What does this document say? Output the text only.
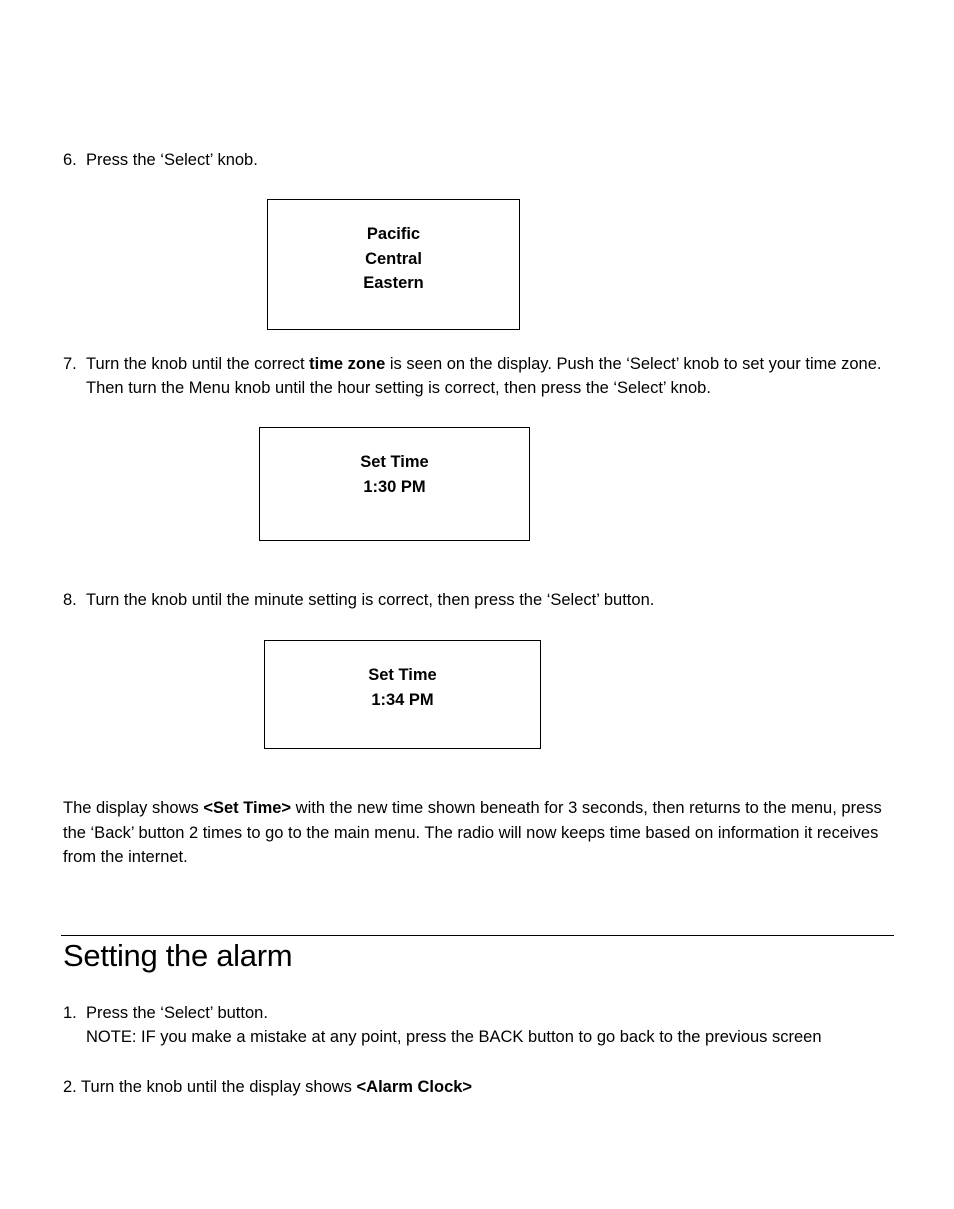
6. Press the ‘Select’ knob.
Pacific
Central
Eastern
7. Turn the knob until the correct time zone is seen on the display. Push the ‘Select’ knob to set your time zone. Then turn the Menu knob until the hour setting is correct, then press the ‘Select’ knob.
Set Time
1:30 PM
8. Turn the knob until the minute setting is correct, then press the ‘Select’ button.
Set Time
1:34 PM
The display shows <Set Time> with the new time shown beneath for 3 seconds, then returns to the menu, press the ‘Back’ button 2 times to go to the main menu. The radio will now keeps time based on information it receives from the internet.
Setting the alarm
1. Press the ‘Select’ button.
NOTE: IF you make a mistake at any point, press the BACK button to go back to the previous screen
2. Turn the knob until the display shows <Alarm Clock>
